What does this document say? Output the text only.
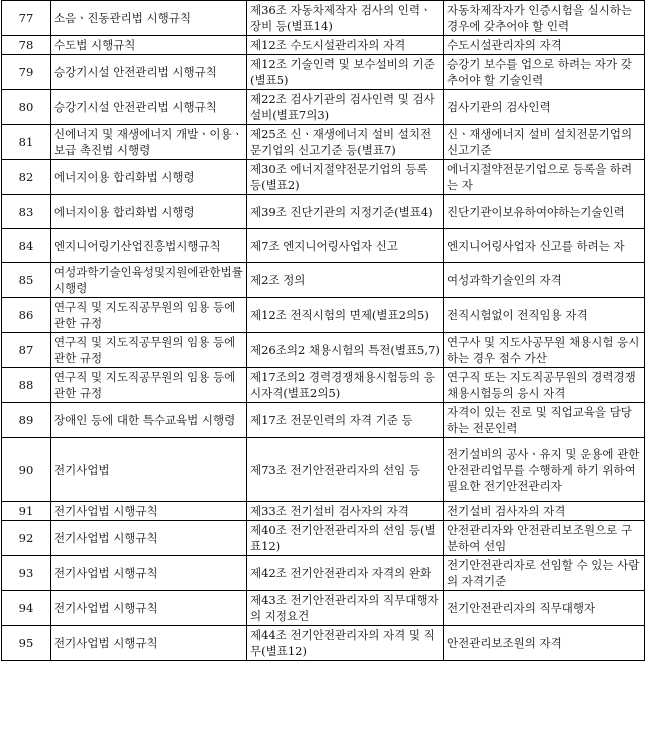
77	소음ㆍ진동관리법 시행규칙	제36조 자동차제작자 검사의 인력ㆍ장비 등(별표14)	자동차제작자가 인증시험을 실시하는 경우에 갖추어야 할 인력
78	수도법 시행규칙	제12조 수도시설관리자의 자격	수도시설관리자의 자격
79	승강기시설 안전관리법 시행규칙	제12조 기술인력 및 보수설비의 기준(별표5)	승강기 보수를 업으로 하려는 자가 갖추어야 할 기술인력
80	승강기시설 안전관리법 시행규칙	제22조 검사기관의 검사인력 및 검사설비(별표7의3)	검사기관의 검사인력
81	신에너지 및 재생에너지 개발ㆍ이용ㆍ보급 촉진법 시행령	제25조 신ㆍ재생에너지 설비 설치전문기업의 신고기준 등(별표7)	신ㆍ재생에너지 설비 설치전문기업의 신고기준
82	에너지이용 합리화법 시행령	제30조 에너지절약전문기업의 등록 등(별표2)	에너지절약전문기업으로 등록을 하려는 자
83	에너지이용 합리화법 시행령	제39조 진단기관의 지정기준(별표4)	진단기관이보유하여야하는기술인력
84	엔지니어링기산업진흥법시행규칙	제7조 엔지니어링사업자 신고	엔지니어링사업자 신고를 하려는 자
85	여성과학기술인육성및지원에관한법률시행령	제2조 정의	여성과학기술인의 자격
86	연구직 및 지도직공무원의 임용 등에 관한 규정	제12조 전직시험의 면제(별표2의5)	전직시험없이 전직임용 자격
87	연구직 및 지도직공무원의 임용 등에 관한 규정	제26조의2 채용시험의 특전(별표5,7)	연구사 및 지도사공무원 채용시험 응시하는 경우 점수 가산
88	연구직 및 지도직공무원의 임용 등에 관한 규정	제17조의2 경력경쟁채용시험등의 응시자격(별표2의5)	연구직 또는 지도직공무원의 경력경쟁채용시험등의 응시 자격
89	장애인 등에 대한 특수교육법 시행령	제17조 전문인력의 자격 기준 등	자격이 있는 진로 및 직업교육을 담당하는 전문인력
90	전기사업법	제73조 전기안전관리자의 선임 등	전기설비의 공사ㆍ유지 및 운용에 관한 안전관리업무를 수행하게 하기 위하여 필요한 전기안전관리자
91	전기사업법 시행규칙	제33조 전기설비 검사자의 자격	전기설비 검사자의 자격
92	전기사업법 시행규칙	제40조 전기안전관리자의 선임 등(별표12)	안전관리자와 안전관리보조원으로 구분하여 선임
93	전기사업법 시행규칙	제42조 전기안전관리자 자격의 완화	전기안전관리자로 선임할 수 있는 사람의 자격기준
94	전기사업법 시행규칙	제43조 전기안전관리자의 직무대행자의 지정요건	전기안전관리자의 직무대행자
95	전기사업법 시행규칙	제44조 전기안전관리자의 자격 및 직무(별표12)	안전관리보조원의 자격
